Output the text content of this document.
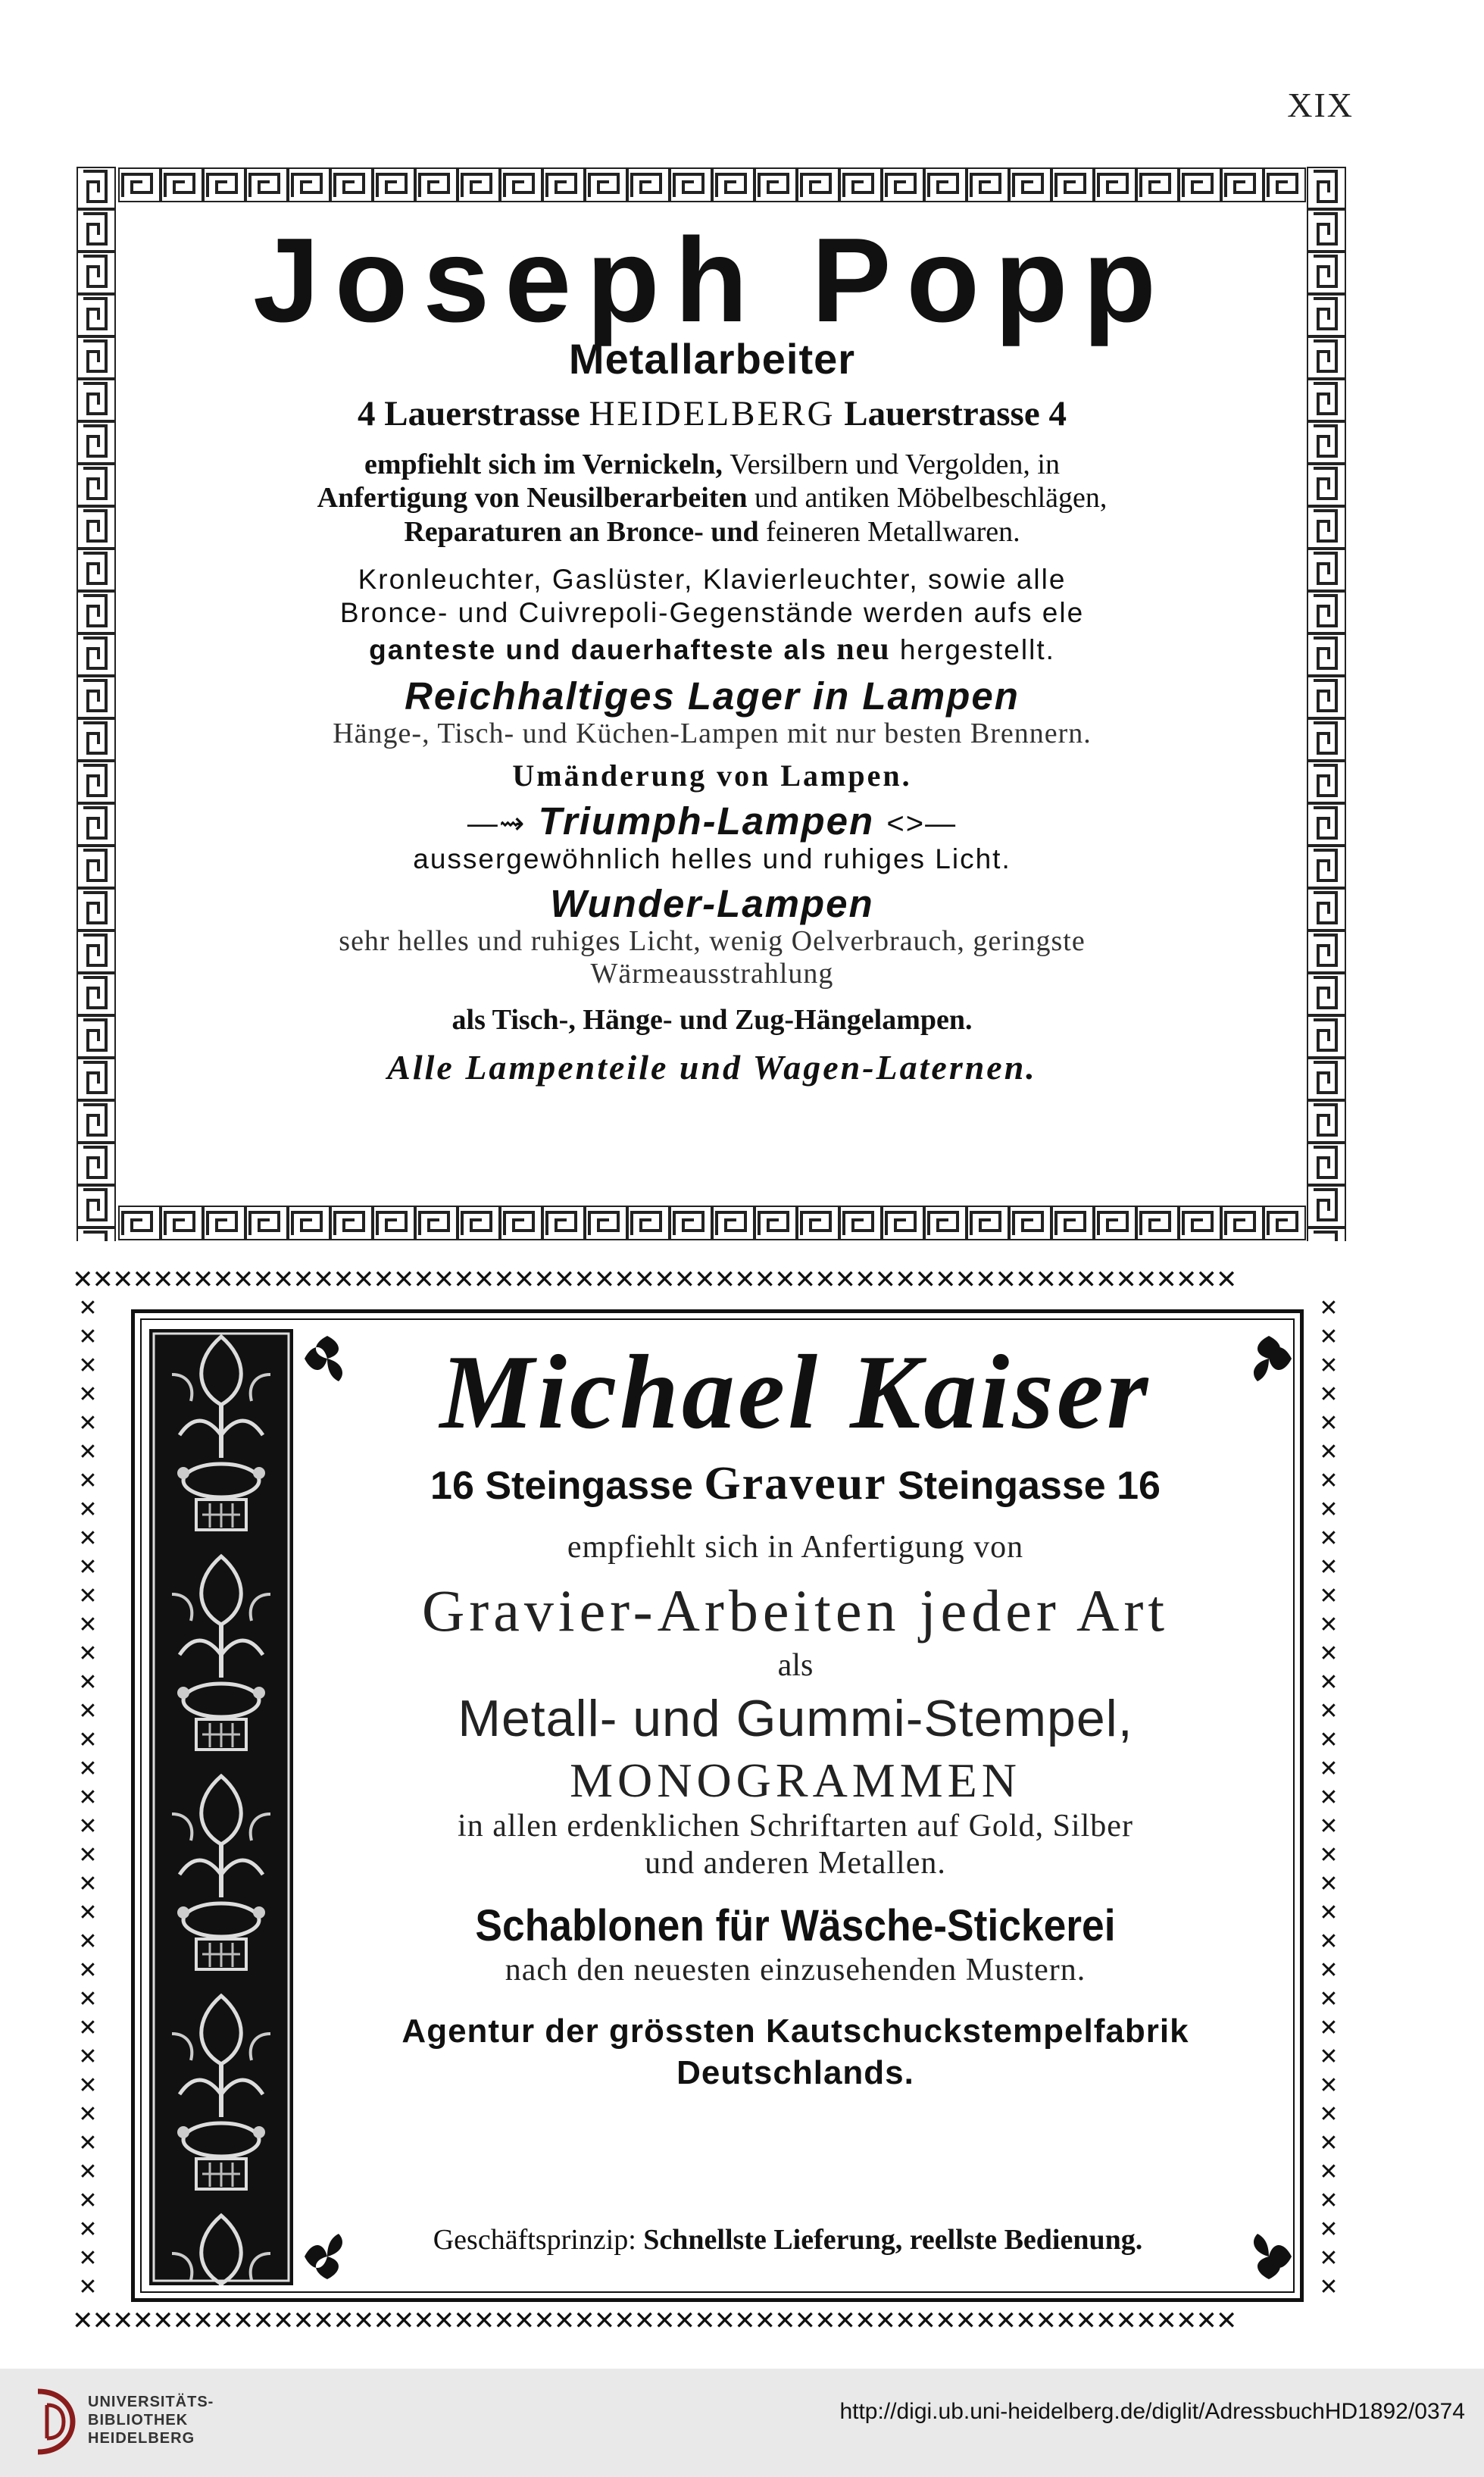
XIX

Joseph Popp

Metallarbeiter

4 Lauerstrasse HEIDELBERG Lauerstrasse 4

empfiehlt sich im Vernickeln, Versilbern und Vergolden, in

Anfertigung von Neusilberarbeiten und antiken Möbelbeschlägen,

Reparaturen an Bronce- und feineren Metallwaren.

Kronleuchter, Gaslüster, Klavierleuchter, sowie alle

Bronce- und Cuivrepoli-Gegenstände werden aufs ele

ganteste und dauerhafteste als neu hergestellt.

Reichhaltiges Lager in Lampen

Hänge-, Tisch- und Küchen-Lampen mit nur besten Brennern.

Umänderung von Lampen.

—⇝ Triumph-Lampen <>—

aussergewöhnlich helles und ruhiges Licht.

Wunder-Lampen

sehr helles und ruhiges Licht, wenig Oelverbrauch, geringste

Wärmeausstrahlung

als Tisch-, Hänge- und Zug-Hängelampen.

Alle Lampenteile und Wagen-Laternen.

✕✕✕✕✕✕✕✕✕✕✕✕✕✕✕✕✕✕✕✕✕✕✕✕✕✕✕✕✕✕✕✕✕✕✕✕✕✕✕✕✕✕✕✕✕✕✕✕✕✕✕✕✕✕✕✕✕✕
✕✕✕✕✕✕✕✕✕✕✕✕✕✕✕✕✕✕✕✕✕✕✕✕✕✕✕✕✕✕✕✕✕✕✕✕✕✕✕✕✕✕✕✕✕✕✕✕✕✕✕✕✕✕✕✕✕✕
✕
✕
✕
✕
✕
✕
✕
✕
✕
✕
✕
✕
✕
✕
✕
✕
✕
✕
✕
✕
✕
✕
✕
✕
✕
✕
✕
✕
✕
✕
✕
✕
✕
✕
✕
✕
✕
✕
✕
✕
✕
✕
✕
✕
✕
✕
✕
✕
✕
✕
✕
✕
✕
✕
✕
✕
✕
✕
✕
✕
✕
✕
✕
✕
✕
✕
✕
✕
✕
✕

Michael Kaiser

16 Steingasse Graveur Steingasse 16

empfiehlt sich in Anfertigung von

Gravier-Arbeiten jeder Art

als

Metall- und Gummi-Stempel,

MONOGRAMMEN

in allen erdenklichen Schriftarten auf Gold, Silber

und anderen Metallen.

Schablonen für Wäsche-Stickerei

nach den neuesten einzusehenden Mustern.

Agentur der grössten Kautschuckstempelfabrik

Deutschlands.

Geschäftsprinzip: Schnellste Lieferung, reellste Bedienung.

UNIVERSITÄTS-
BIBLIOTHEK
HEIDELBERG
http://digi.ub.uni-heidelberg.de/diglit/AdressbuchHD1892/0374
